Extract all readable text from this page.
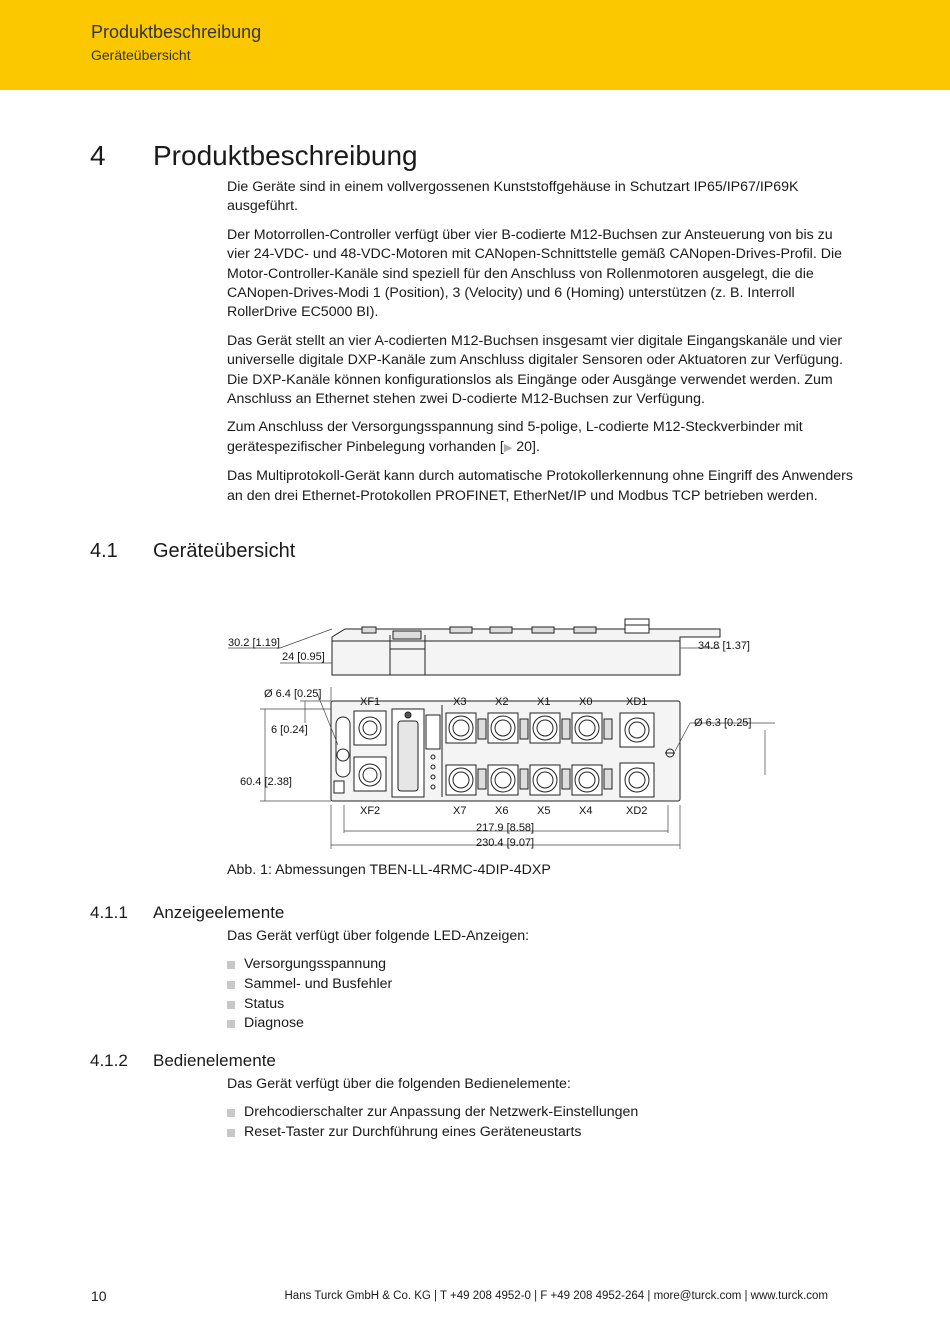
Produktbeschreibung
Geräteübersicht
4 Produktbeschreibung

Die Geräte sind in einem vollvergossenen Kunststoffgehäuse in Schutzart IP65/IP67/IP69K ausgeführt.

Der Motorrollen-Controller verfügt über vier B-codierte M12-Buchsen zur Ansteuerung von bis zu vier 24-VDC- und 48-VDC-Motoren mit CANopen-Schnittstelle gemäß CANopen-Drives-Profil. Die Motor-Controller-Kanäle sind speziell für den Anschluss von Rollenmotoren ausgelegt, die die CANopen-Drives-Modi 1 (Position), 3 (Velocity) und 6 (Homing) unterstützen (z. B. Interroll RollerDrive EC5000 BI).

Das Gerät stellt an vier A-codierten M12-Buchsen insgesamt vier digitale Eingangskanäle und vier universelle digitale DXP-Kanäle zum Anschluss digitaler Sensoren oder Aktuatoren zur Verfügung. Die DXP-Kanäle können konfigurationslos als Eingänge oder Ausgänge verwendet werden. Zum Anschluss an Ethernet stehen zwei D-codierte M12-Buchsen zur Verfügung.

Zum Anschluss der Versorgungsspannung sind 5-polige, L-codierte M12-Steckverbinder mit gerätespezifischer Pinbelegung vorhanden [▶ 20].

Das Multiprotokoll-Gerät kann durch automatische Protokollerkennung ohne Eingriff des Anwenders an den drei Ethernet-Protokollen PROFINET, EtherNet/IP und Modbus TCP betrieben werden.

4.1 Geräteübersicht
30.2 [1.19]
24 [0.95]
34.8 [1.37]
Ø 6.4 [0.25]
Ø 6.3 [0.25]
6 [0.24]
60.4 [2.38]
217.9 [8.58]
230.4 [9.07]
XF1	X3	X2	X1	X0	XD1
XF2	X7	X6	X5	X4	XD2
Abb. 1: Abmessungen TBEN-LL-4RMC-4DIP-4DXP
4.1.1 Anzeigeelemente
Das Gerät verfügt über folgende LED-Anzeigen:
Versorgungsspannung
Sammel- und Busfehler
Status
Diagnose
4.1.2 Bedienelemente
Das Gerät verfügt über die folgenden Bedienelemente:
Drehcodierschalter zur Anpassung der Netzwerk-Einstellungen
Reset-Taster zur Durchführung eines Geräteneustarts
10	Hans Turck GmbH & Co. KG | T +49 208 4952-0 | F +49 208 4952-264 | more@turck.com | www.turck.com
